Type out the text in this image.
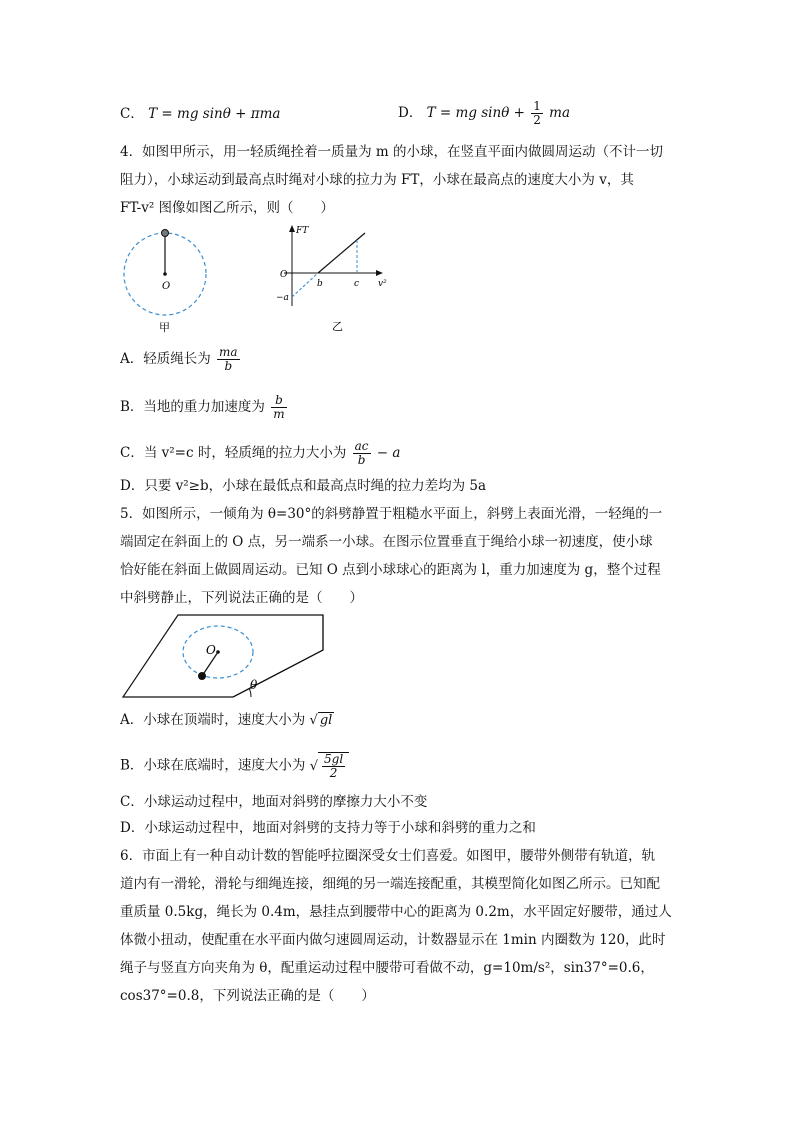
C． T = mg sinθ + πma	D． T = mg $\sin\theta + \frac{1}{2}$ ma
4．如图甲所示，用一轻质绳拴着一质量为 m 的小球，在竖直平面内做圆周运动（不计一切
阻力），小球运动到最高点时绳对小球的拉力为 FT，小球在最高点的速度大小为 v，其
FT-v² 图像如图乙所示，则（　　）
O
甲
FT
O
−a
b	c v²
乙
A．轻质绳长为 $\frac{ma}{b}$
B．当地的重力加速度为 $\frac{b}{m}$
C．当 v²=c 时，轻质绳的拉力大小为 $\frac{ac}{b} - a$
D．只要 v²≥b，小球在最低点和最高点时绳的拉力差均为 5a
5．如图所示，一倾角为 θ=30°的斜劈静置于粗糙水平面上，斜劈上表面光滑，一轻绳的一
端固定在斜面上的 O 点，另一端系一小球。在图示位置垂直于绳给小球一初速度，使小球
恰好能在斜面上做圆周运动。已知 O 点到小球球心的距离为 l，重力加速度为 g，整个过程
中斜劈静止，下列说法正确的是（　　）
O
θ
A．小球在顶端时，速度大小为 √ gl
B．小球在底端时，速度大小为 √ $\frac{5gl}{2}$
C．小球运动过程中，地面对斜劈的摩擦力大小不变
D．小球运动过程中，地面对斜劈的支持力等于小球和斜劈的重力之和
6．市面上有一种自动计数的智能呼拉圈深受女士们喜爱。如图甲，腰带外侧带有轨道，轨
道内有一滑轮，滑轮与细绳连接，细绳的另一端连接配重，其模型简化如图乙所示。已知配
重质量 0.5kg，绳长为 0.4m，悬挂点到腰带中心的距离为 0.2m，水平固定好腰带，通过人
体微小扭动，使配重在水平面内做匀速圆周运动，计数器显示在 1min 内圈数为 120，此时
绳子与竖直方向夹角为 θ，配重运动过程中腰带可看做不动，g=10m/s²，sin37°=0.6，
cos37°=0.8，下列说法正确的是（　　）
